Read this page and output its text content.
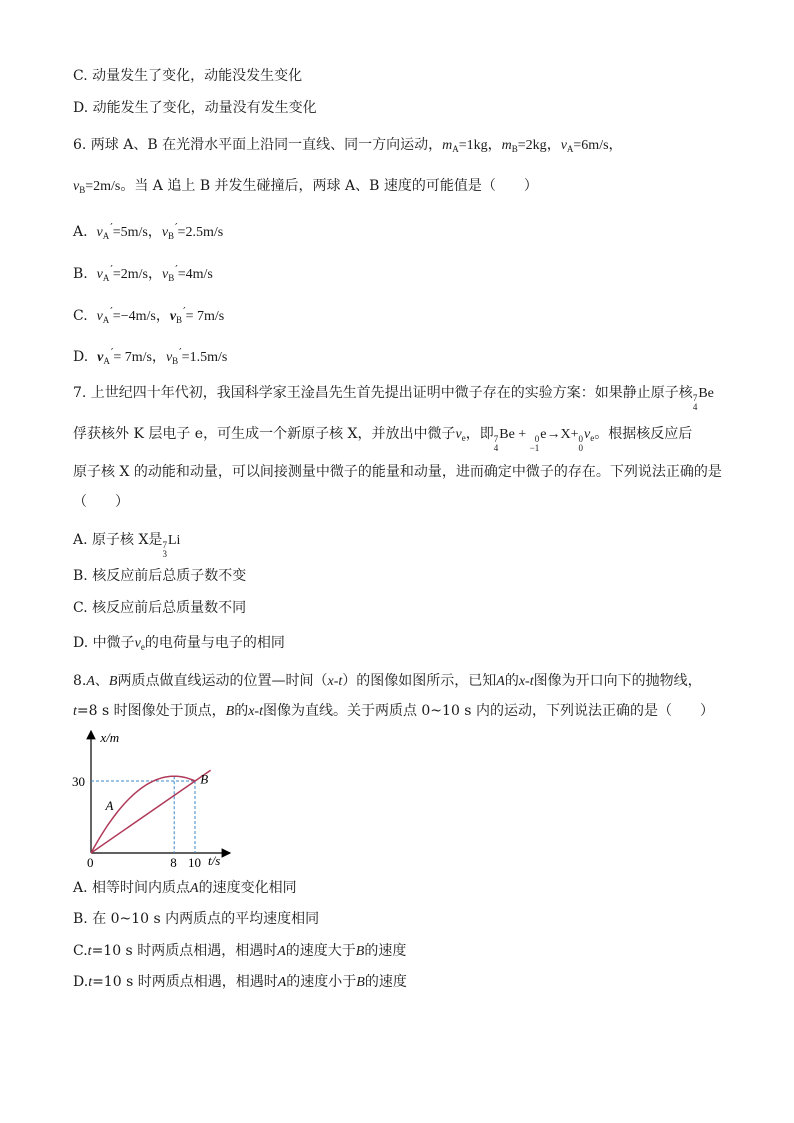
C. 动量发生了变化，动能没发生变化
D. 动能发生了变化，动量没有发生变化
6. 两球 A、B 在光滑水平面上沿同一直线、同一方向运动，$m_A=1kg$，$m_B=2kg$，$v_A=6m/s$，
$v_B=2m/s$。当 A 追上 B 并发生碰撞后，两球 A、B 速度的可能值是（　　）
A. $v_A'=5m/s$，$v_B'=2.5m/s$
B. $v_A'=2m/s$，$v_B'=4m/s$
C. $v_A'=-4m/s$，$v_B'= 7m/s$
D. $v_A'= 7m/s$，$v_B'=1.5m/s$
7. 上世纪四十年代初，我国科学家王淦昌先生首先提出证明中微子存在的实验方案：如果静止原子核 7
4
Be
俘获核外 K 层电子 e，可生成一个新原子核 X，并放出中微子$\nu_e$，即 7
4
Be + 0
−1
e→X+ 0
0
$\nu_e$。根据核反应后
原子核 X 的动能和动量，可以间接测量中微子的能量和动量，进而确定中微子的存在。下列说法正确的是
（　　）
A. 原子核 X是 7
3
Li
B. 核反应前后总质子数不变
C. 核反应前后总质量数不同
D. 中微子$\nu_e$的电荷量与电子的相同
8.A、B两质点做直线运动的位置—时间（x-t）的图像如图所示，已知A的x-t图像为开口向下的抛物线，
t=8 s 时图像处于顶点，B的x-t图像为直线。关于两质点 0~10 s 内的运动，下列说法正确的是（　　）
x/m
t/s
0
30
8 10
A
B
A. 相等时间内质点A的速度变化相同
B. 在 0~10 s 内两质点的平均速度相同
C.t=10 s 时两质点相遇，相遇时A的速度大于B的速度
D.t=10 s 时两质点相遇，相遇时A的速度小于B的速度
